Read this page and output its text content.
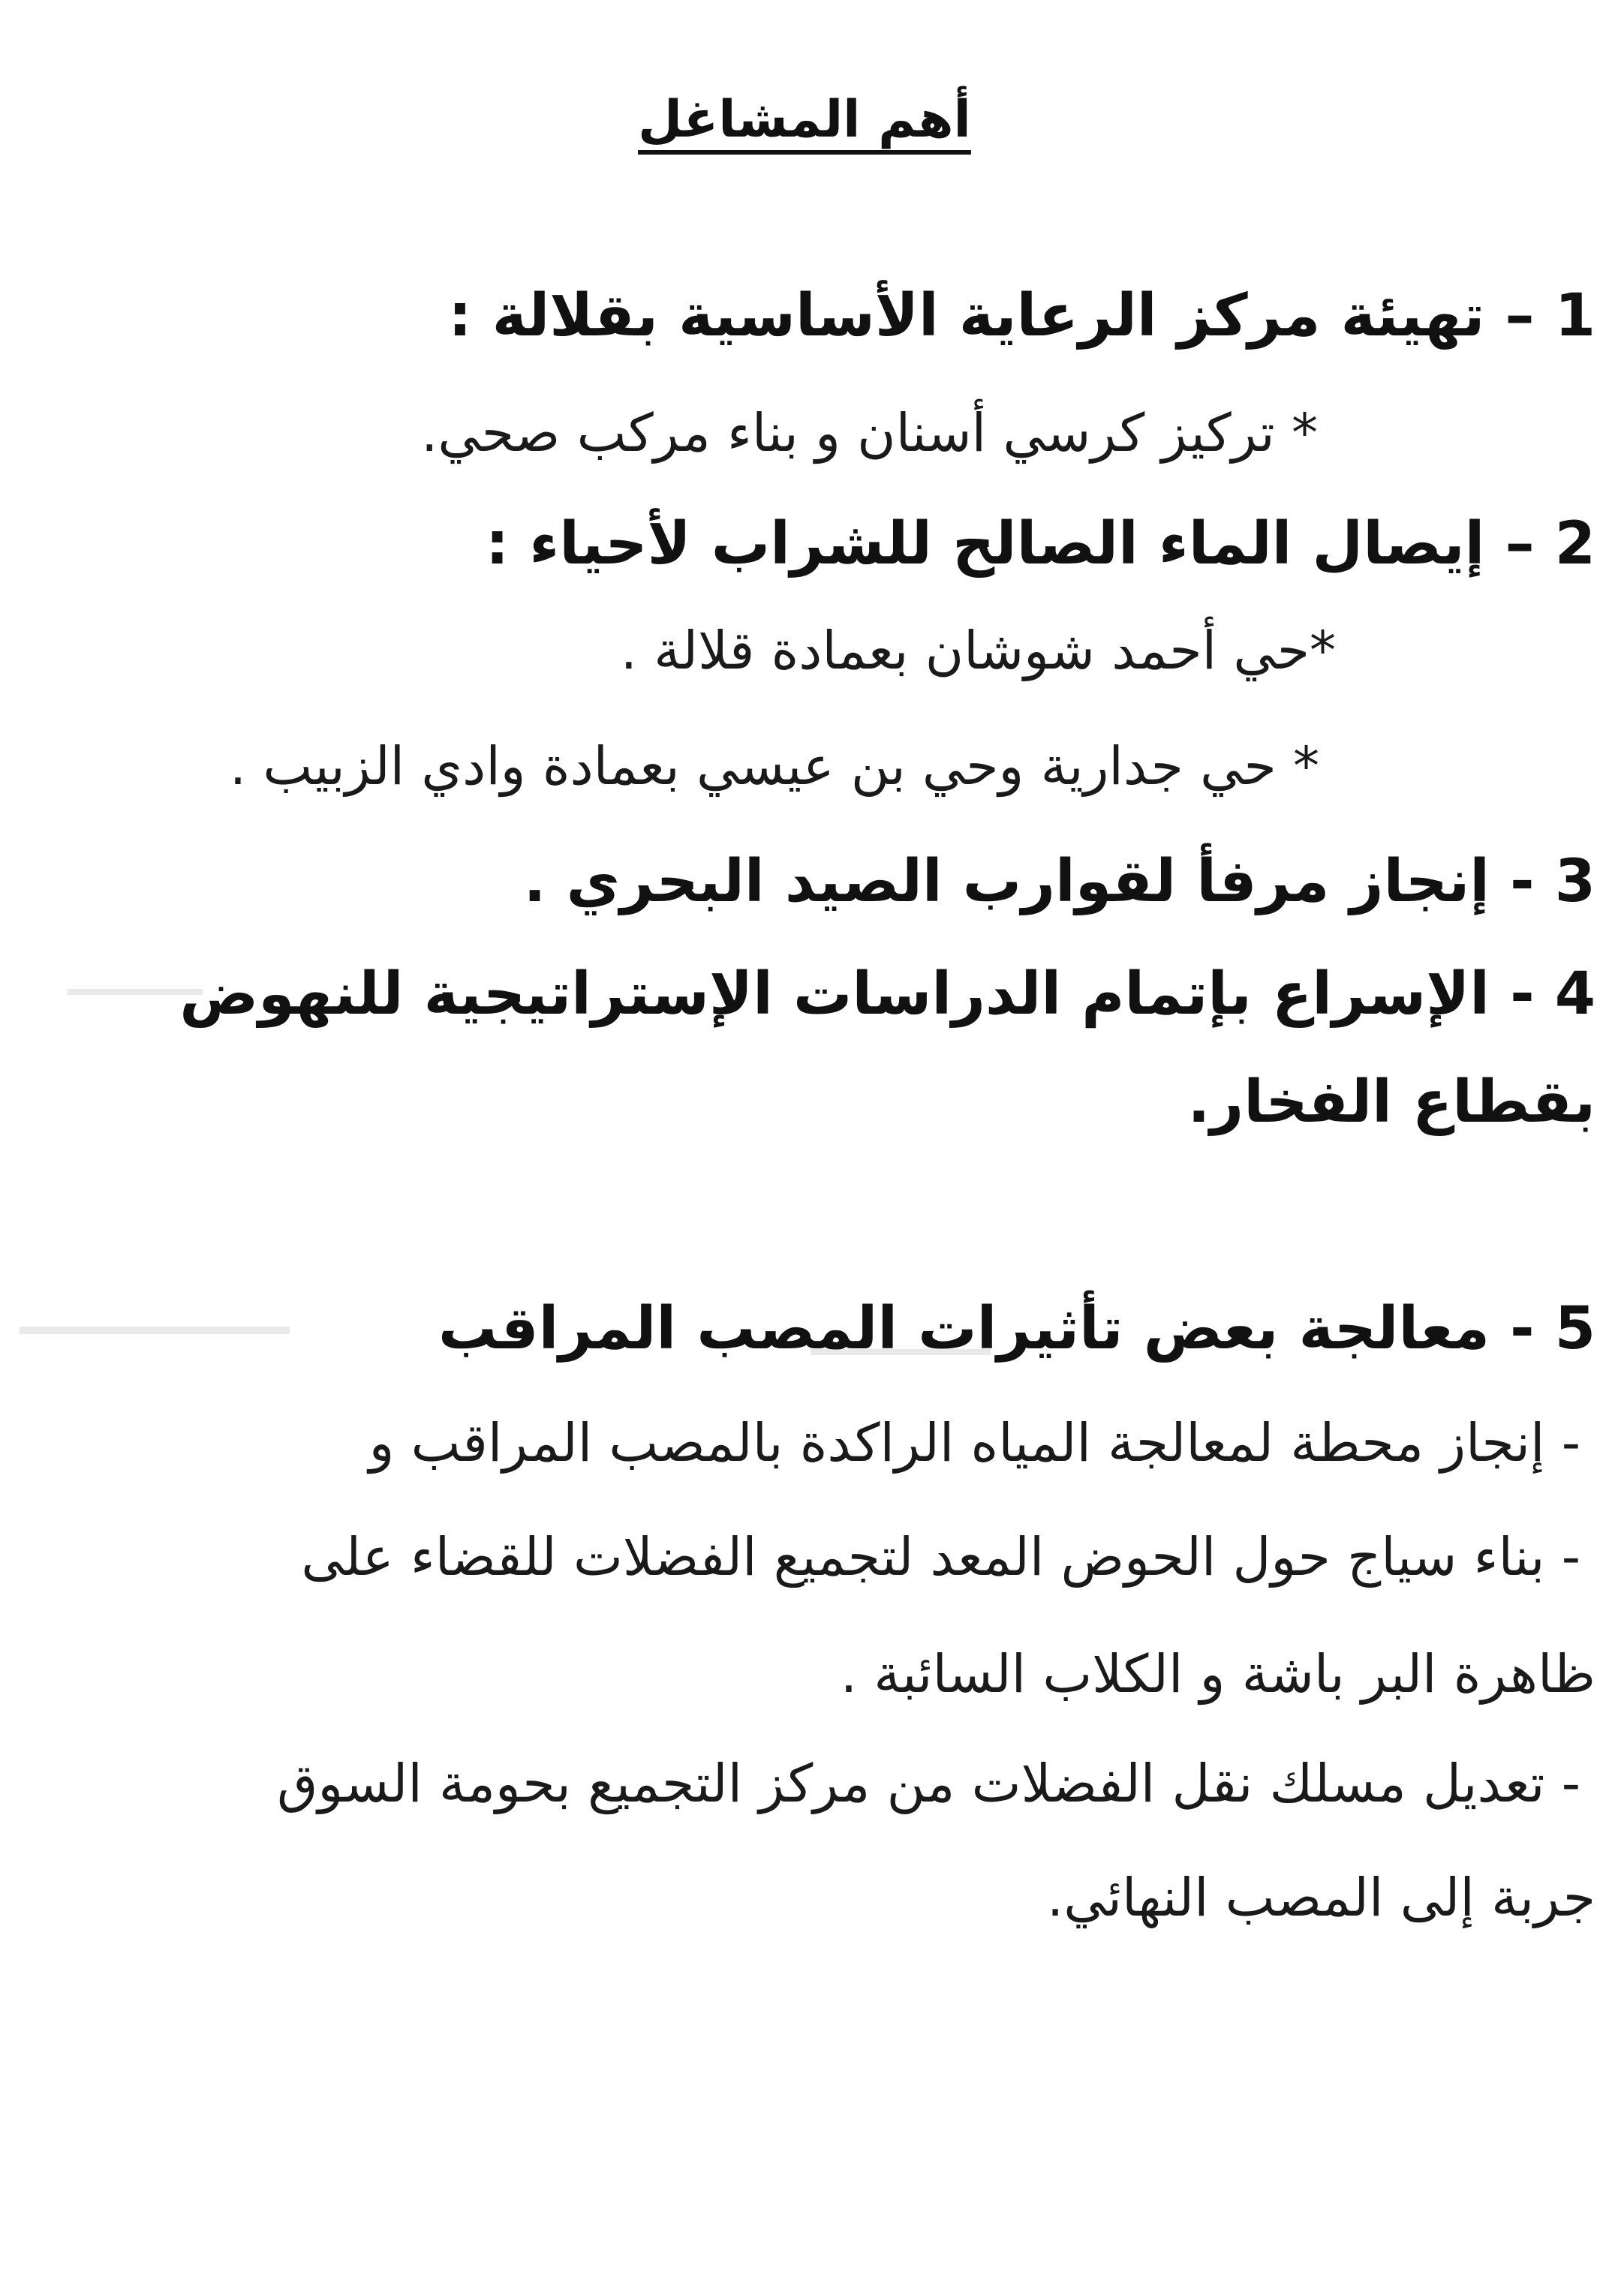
أهم المشاغل
1 – تهيئة مركز الرعاية الأساسية بقلالة :
* تركيز كرسي أسنان و بناء مركب صحي.
2 – إيصال الماء الصالح للشراب لأحياء :
*حي أحمد شوشان بعمادة قلالة .
* حي جدارية وحي بن عيسي بعمادة وادي الزبيب .
3 - إنجاز مرفأ لقوارب الصيد البحري .
4 - الإسراع بإتمام الدراسات الإستراتيجية للنهوض
بقطاع الفخار.
5 - معالجة بعض تأثيرات المصب المراقب
- إنجاز محطة لمعالجة المياه الراكدة بالمصب المراقب و
- بناء سياج حول الحوض المعد لتجميع الفضلات للقضاء على
ظاهرة البر باشة و الكلاب السائبة .
- تعديل مسلك نقل الفضلات من مركز التجميع بحومة السوق
جربة إلى المصب النهائي.
